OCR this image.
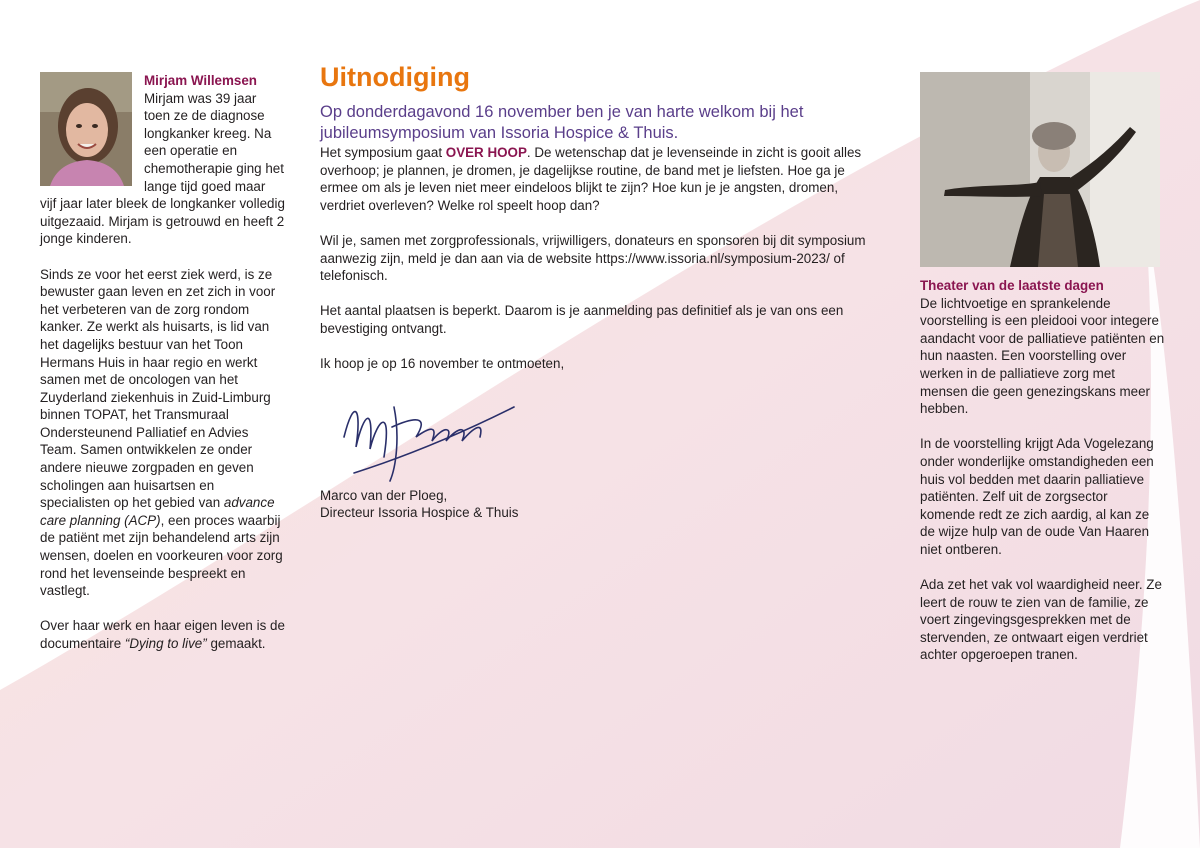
Mirjam Willemsen
Mirjam was 39 jaar toen ze de diagnose longkanker kreeg. Na een operatie en chemotherapie ging het lange tijd goed maar vijf jaar later bleek de longkanker volledig uitgezaaid. Mirjam is getrouwd en heeft 2 jonge kinderen.

Sinds ze voor het eerst ziek werd, is ze bewuster gaan leven en zet zich in voor het verbeteren van de zorg rondom kanker. Ze werkt als huisarts, is lid van het dagelijks bestuur van het Toon Hermans Huis in haar regio en werkt samen met de oncologen van het Zuyderland ziekenhuis in Zuid-Limburg binnen TOPAT, het Transmuraal Ondersteunend Palliatief en Advies Team. Samen ontwikkelen ze onder andere nieuwe zorgpaden en geven scholingen aan huisartsen en specialisten op het gebied van advance care planning (ACP), een proces waarbij de patiënt met zijn behandelend arts zijn wensen, doelen en voorkeuren voor zorg rond het levenseinde bespreekt en vastlegt.

Over haar werk en haar eigen leven is de documentaire “Dying to live” gemaakt.

Uitnodiging

Op donderdagavond 16 november ben je van harte welkom bij het jubileumsymposium van Issoria Hospice & Thuis.

Het symposium gaat OVER HOOP. De wetenschap dat je levenseinde in zicht is gooit alles overhoop; je plannen, je dromen, je dagelijkse routine, de band met je liefsten. Hoe ga je ermee om als je leven niet meer eindeloos blijkt te zijn? Hoe kun je je angsten, dromen, verdriet overleven? Welke rol speelt hoop dan?

Wil je, samen met zorgprofessionals, vrijwilligers, donateurs en sponsoren bij dit symposium aanwezig zijn, meld je dan aan via de website https://www.issoria.nl/symposium-2023/ of telefonisch.

Het aantal plaatsen is beperkt. Daarom is je aanmelding pas definitief als je van ons een bevestiging ontvangt.

Ik hoop je op 16 november te ontmoeten,

Marco van der Ploeg,

Directeur Issoria Hospice & Thuis

Theater van de laatste dagen

De lichtvoetige en sprankelende voorstelling is een pleidooi voor integere aandacht voor de palliatieve patiënten en hun naasten. Een voorstelling over werken in de palliatieve zorg met mensen die geen genezingskans meer hebben.

In de voorstelling krijgt Ada Vogelezang onder wonderlijke omstandigheden een huis vol bedden met daarin palliatieve patiënten. Zelf uit de zorgsector komende redt ze zich aardig, al kan ze de wijze hulp van de oude Van Haaren niet ontberen.

Ada zet het vak vol waardigheid neer. Ze leert de rouw te zien van de familie, ze voert zingevingsgesprekken met de stervenden, ze ontwaart eigen verdriet achter opgeroepen tranen.
